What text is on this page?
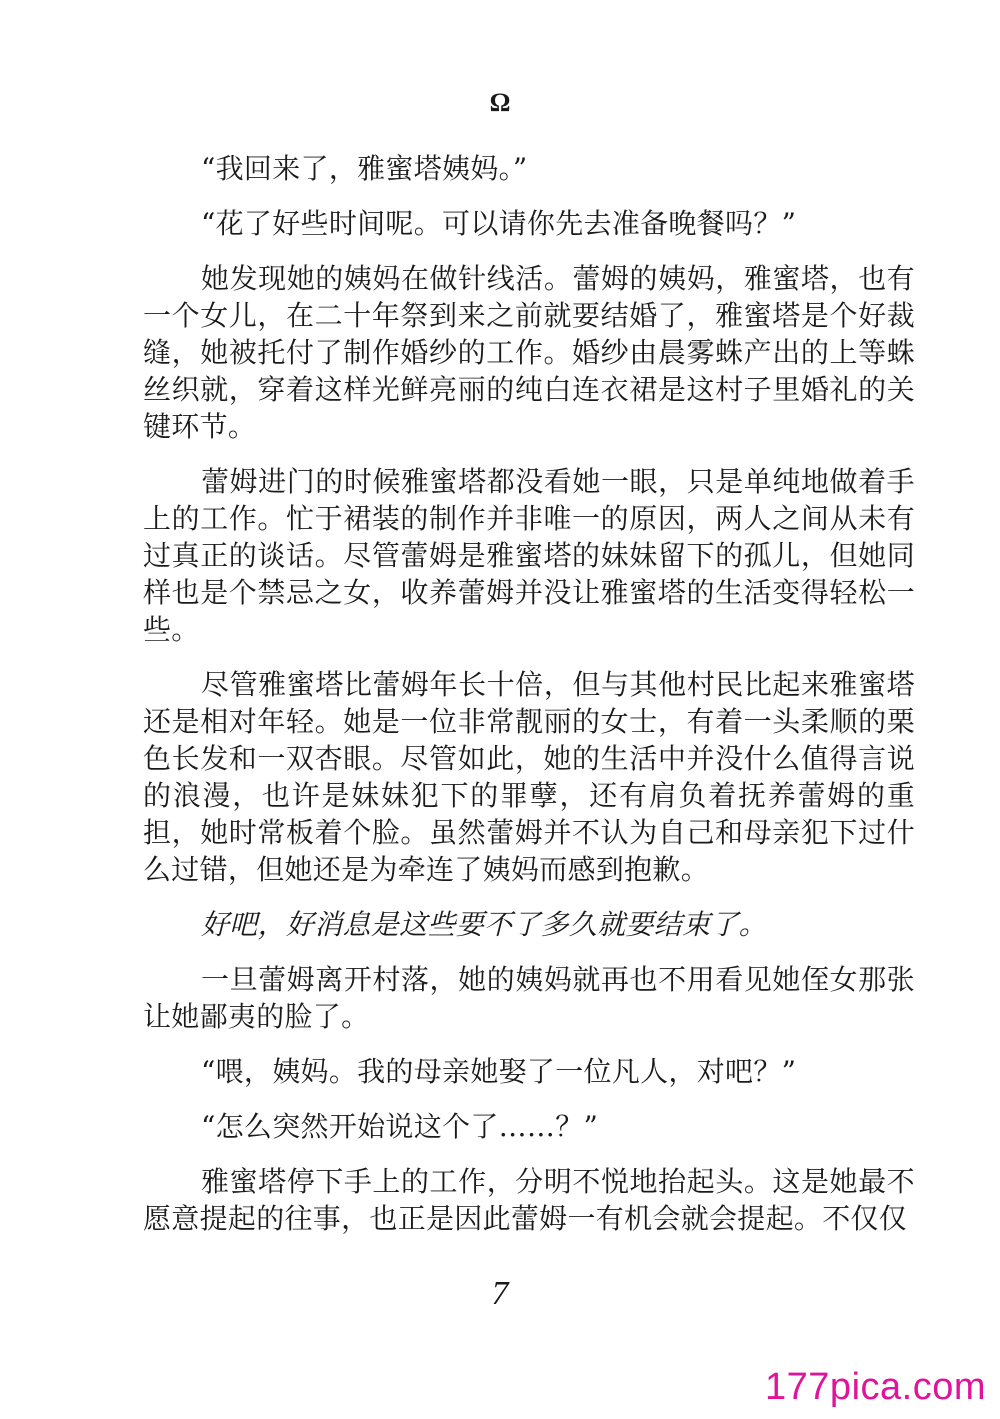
Ω

“我回来了，雅蜜塔姨妈。”

“花了好些时间呢。可以请你先去准备晚餐吗？”

她发现她的姨妈在做针线活。蕾姆的姨妈，雅蜜塔，也有一个女儿，在二十年祭到来之前就要结婚了，雅蜜塔是个好裁缝，她被托付了制作婚纱的工作。婚纱由晨雾蛛产出的上等蛛丝织就，穿着这样光鲜亮丽的纯白连衣裙是这村子里婚礼的关键环节。

蕾姆进门的时候雅蜜塔都没看她一眼，只是单纯地做着手上的工作。忙于裙装的制作并非唯一的原因，两人之间从未有过真正的谈话。尽管蕾姆是雅蜜塔的妹妹留下的孤儿，但她同样也是个禁忌之女，收养蕾姆并没让雅蜜塔的生活变得轻松一些。

尽管雅蜜塔比蕾姆年长十倍，但与其他村民比起来雅蜜塔还是相对年轻。她是一位非常靓丽的女士，有着一头柔顺的栗色长发和一双杏眼。尽管如此，她的生活中并没什么值得言说的浪漫，也许是妹妹犯下的罪孽，还有肩负着抚养蕾姆的重担，她时常板着个脸。虽然蕾姆并不认为自己和母亲犯下过什么过错，但她还是为牵连了姨妈而感到抱歉。

好吧，好消息是这些要不了多久就要结束了。

一旦蕾姆离开村落，她的姨妈就再也不用看见她侄女那张让她鄙夷的脸了。

“喂，姨妈。我的母亲她娶了一位凡人，对吧？”

“怎么突然开始说这个了……？”

雅蜜塔停下手上的工作，分明不悦地抬起头。这是她最不愿意提起的往事，也正是因此蕾姆一有机会就会提起。不仅仅

7
177pica.com
